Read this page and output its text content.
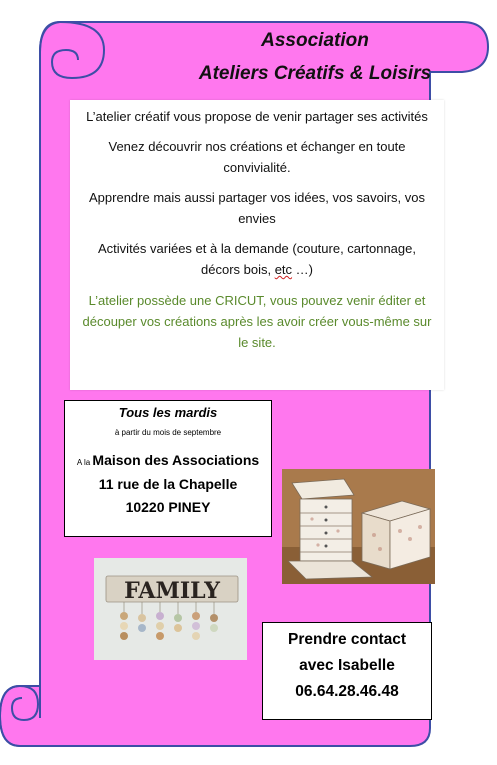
Association
Ateliers Créatifs & Loisirs

L’atelier créatif vous propose de venir partager ses activités

Venez découvrir nos créations et échanger en toute convivialité.

Apprendre mais aussi partager vos idées, vos savoirs, vos envies

Activités variées et à la demande (couture, cartonnage, décors bois, etc …)

L’atelier possède une CRICUT, vous pouvez venir éditer et découper vos créations après les avoir créer vous-même sur le site.

Tous les mardis
à partir du mois de septembre
A la Maison des Associations
11 rue de la Chapelle
10220 PINEY
FAMILY
Prendre contact
avec Isabelle
06.64.28.46.48
